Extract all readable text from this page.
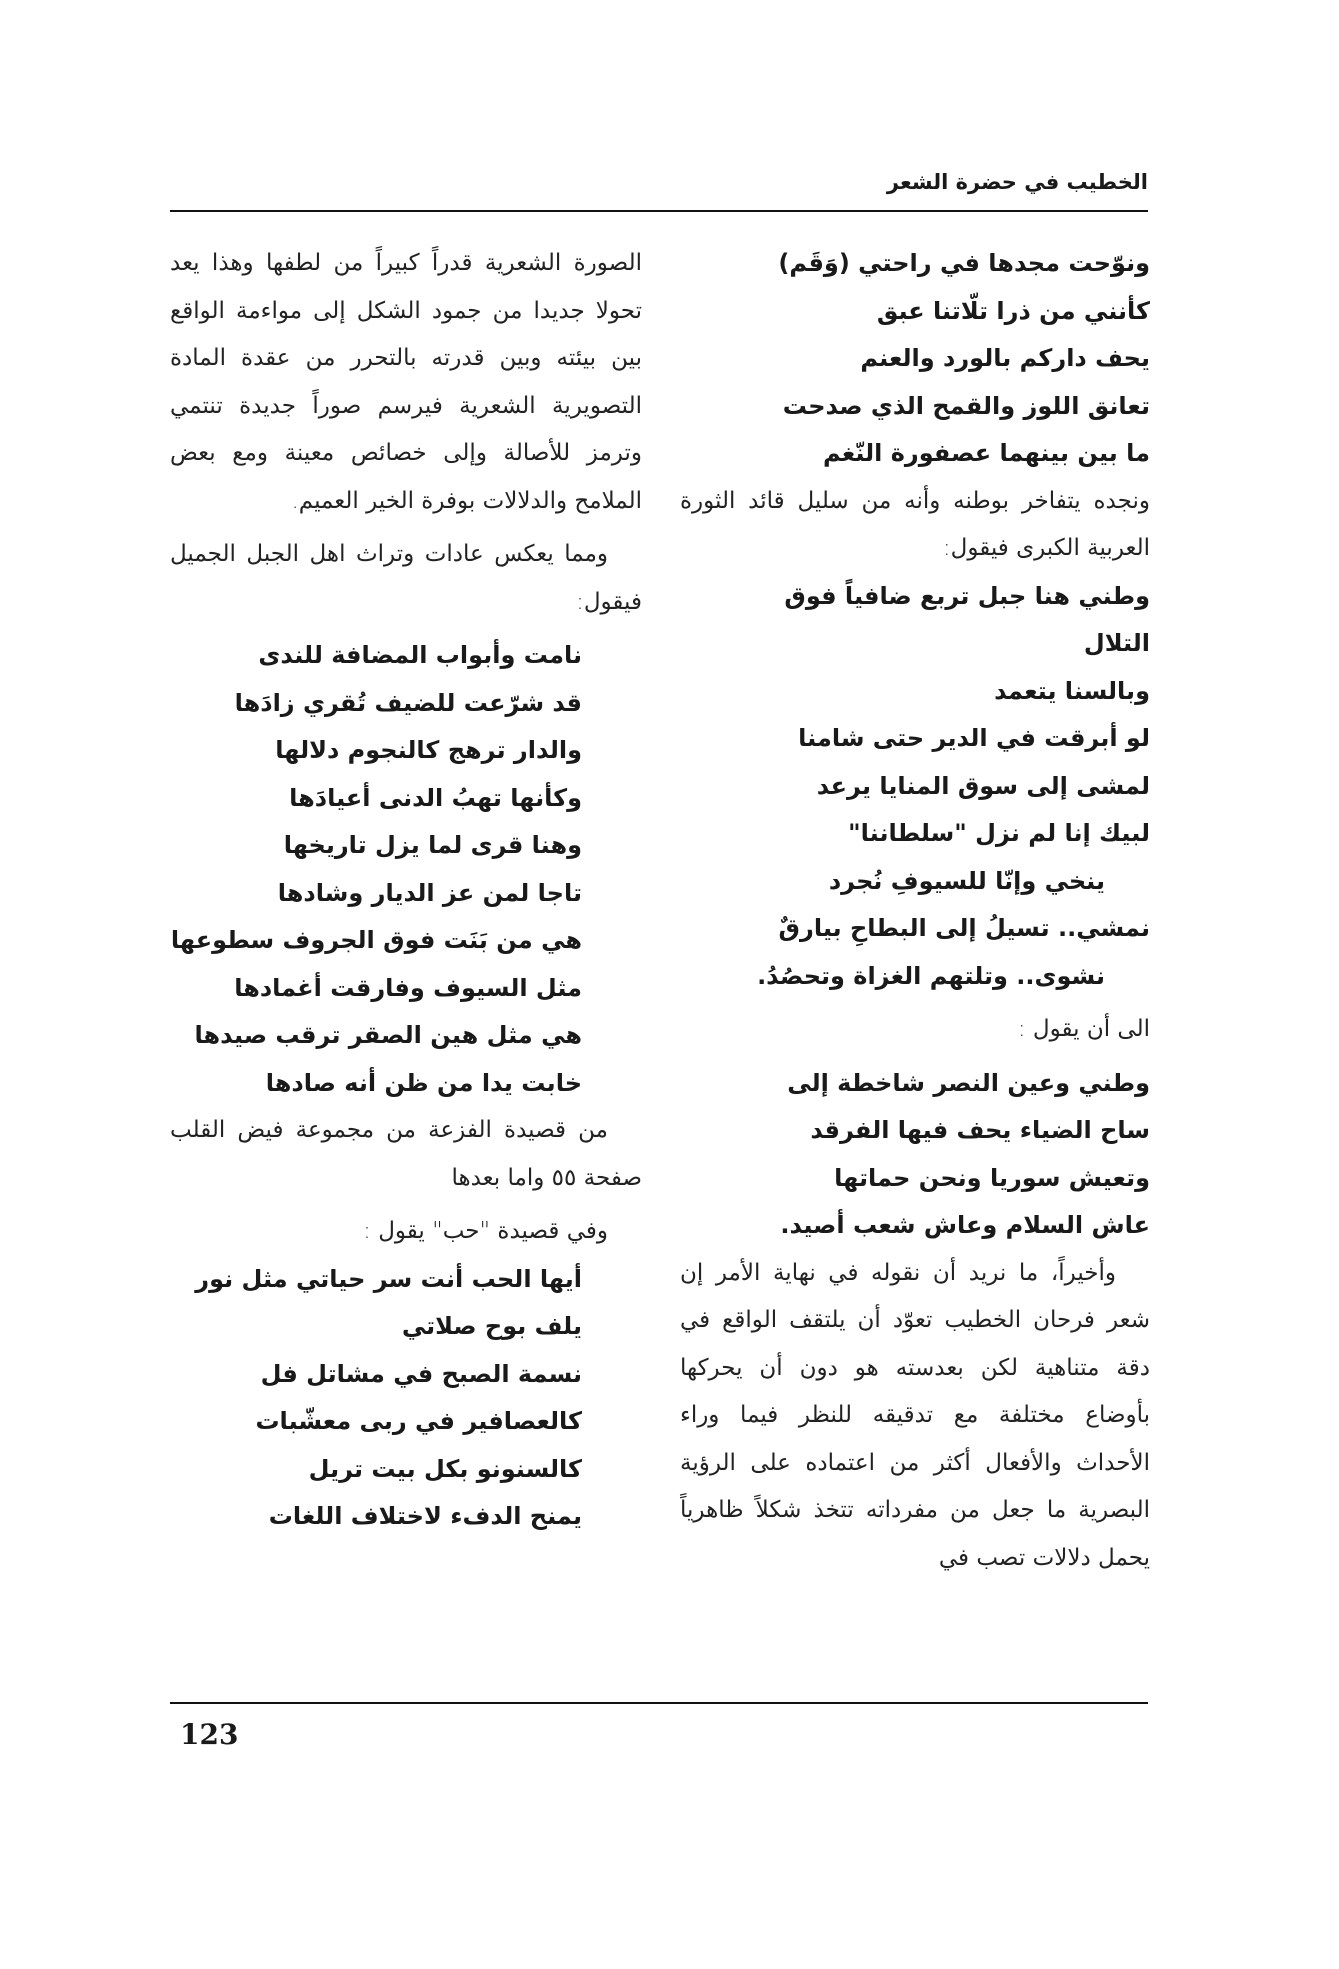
الخطيب في حضرة الشعر
ونوّحت مجدها في راحتي (وَقَم)
كأنني من ذرا تلّاتنا عبق
يحف داركم بالورد والعنم
تعانق اللوز والقمح الذي صدحت
ما بين بينهما عصفورة النّغم

ونجده يتفاخر بوطنه وأنه من سليل قائد الثورة العربية الكبرى فيقول:

وطني هنا جبل تربع ضافياً فوق
التلال
وبالسنا يتعمد
لو أبرقت في الدير حتى شامنا
لمشى إلى سوق المنايا يرعد
لبيك إنا لم نزل "سلطاننا"
ينخي وإنّا للسيوفِ نُجرد
نمشي.. تسيلُ إلى البطاحِ بيارقٌ
نشوى.. وتلتهم الغزاة وتحصُدُ.

الى أن يقول :

وطني وعين النصر شاخطة إلى
ساح الضياء يحف فيها الفرقد
وتعيش سوريا ونحن حماتها
عاش السلام وعاش شعب أصيد.

وأخيراً، ما نريد أن نقوله في نهاية الأمر إن شعر فرحان الخطيب تعوّد أن يلتقف الواقع في دقة متناهية لكن بعدسته هو دون أن يحركها بأوضاع مختلفة مع تدقيقه للنظر فيما وراء الأحداث والأفعال أكثر من اعتماده على الرؤية البصرية ما جعل من مفرداته تتخذ شكلاً ظاهرياً يحمل دلالات تصب في

الصورة الشعرية قدراً كبيراً من لطفها وهذا يعد تحولا جديدا من جمود الشكل إلى مواءمة الواقع بين بيئته وبين قدرته بالتحرر من عقدة المادة التصويرية الشعرية فيرسم صوراً جديدة تنتمي وترمز للأصالة وإلى خصائص معينة ومع بعض الملامح والدلالات بوفرة الخير العميم.

ومما يعكس عادات وتراث اهل الجبل الجميل فيقول:

نامت وأبواب المضافة للندى
قد شرّعت للضيف تُقري زادَها
والدار ترهج كالنجوم دلالها
وكأنها تهبُ الدنى أعيادَها
وهنا قرى لما يزل تاريخها
تاجا لمن عز الديار وشادها
هي من بَنَت فوق الجروف سطوعها
مثل السيوف وفارقت أغمادها
هي مثل هين الصقر ترقب صيدها
خابت يدا من ظن أنه صادها

من قصيدة الفزعة من مجموعة فيض القلب صفحة ٥٥ واما بعدها

وفي قصيدة "حب" يقول :

أيها الحب أنت سر حياتي مثل نور
يلف بوح صلاتي
نسمة الصبح في مشاتل فل
كالعصافير في ربى معشّبات
كالسنونو بكل بيت تريل
يمنح الدفء لاختلاف اللغات
123
